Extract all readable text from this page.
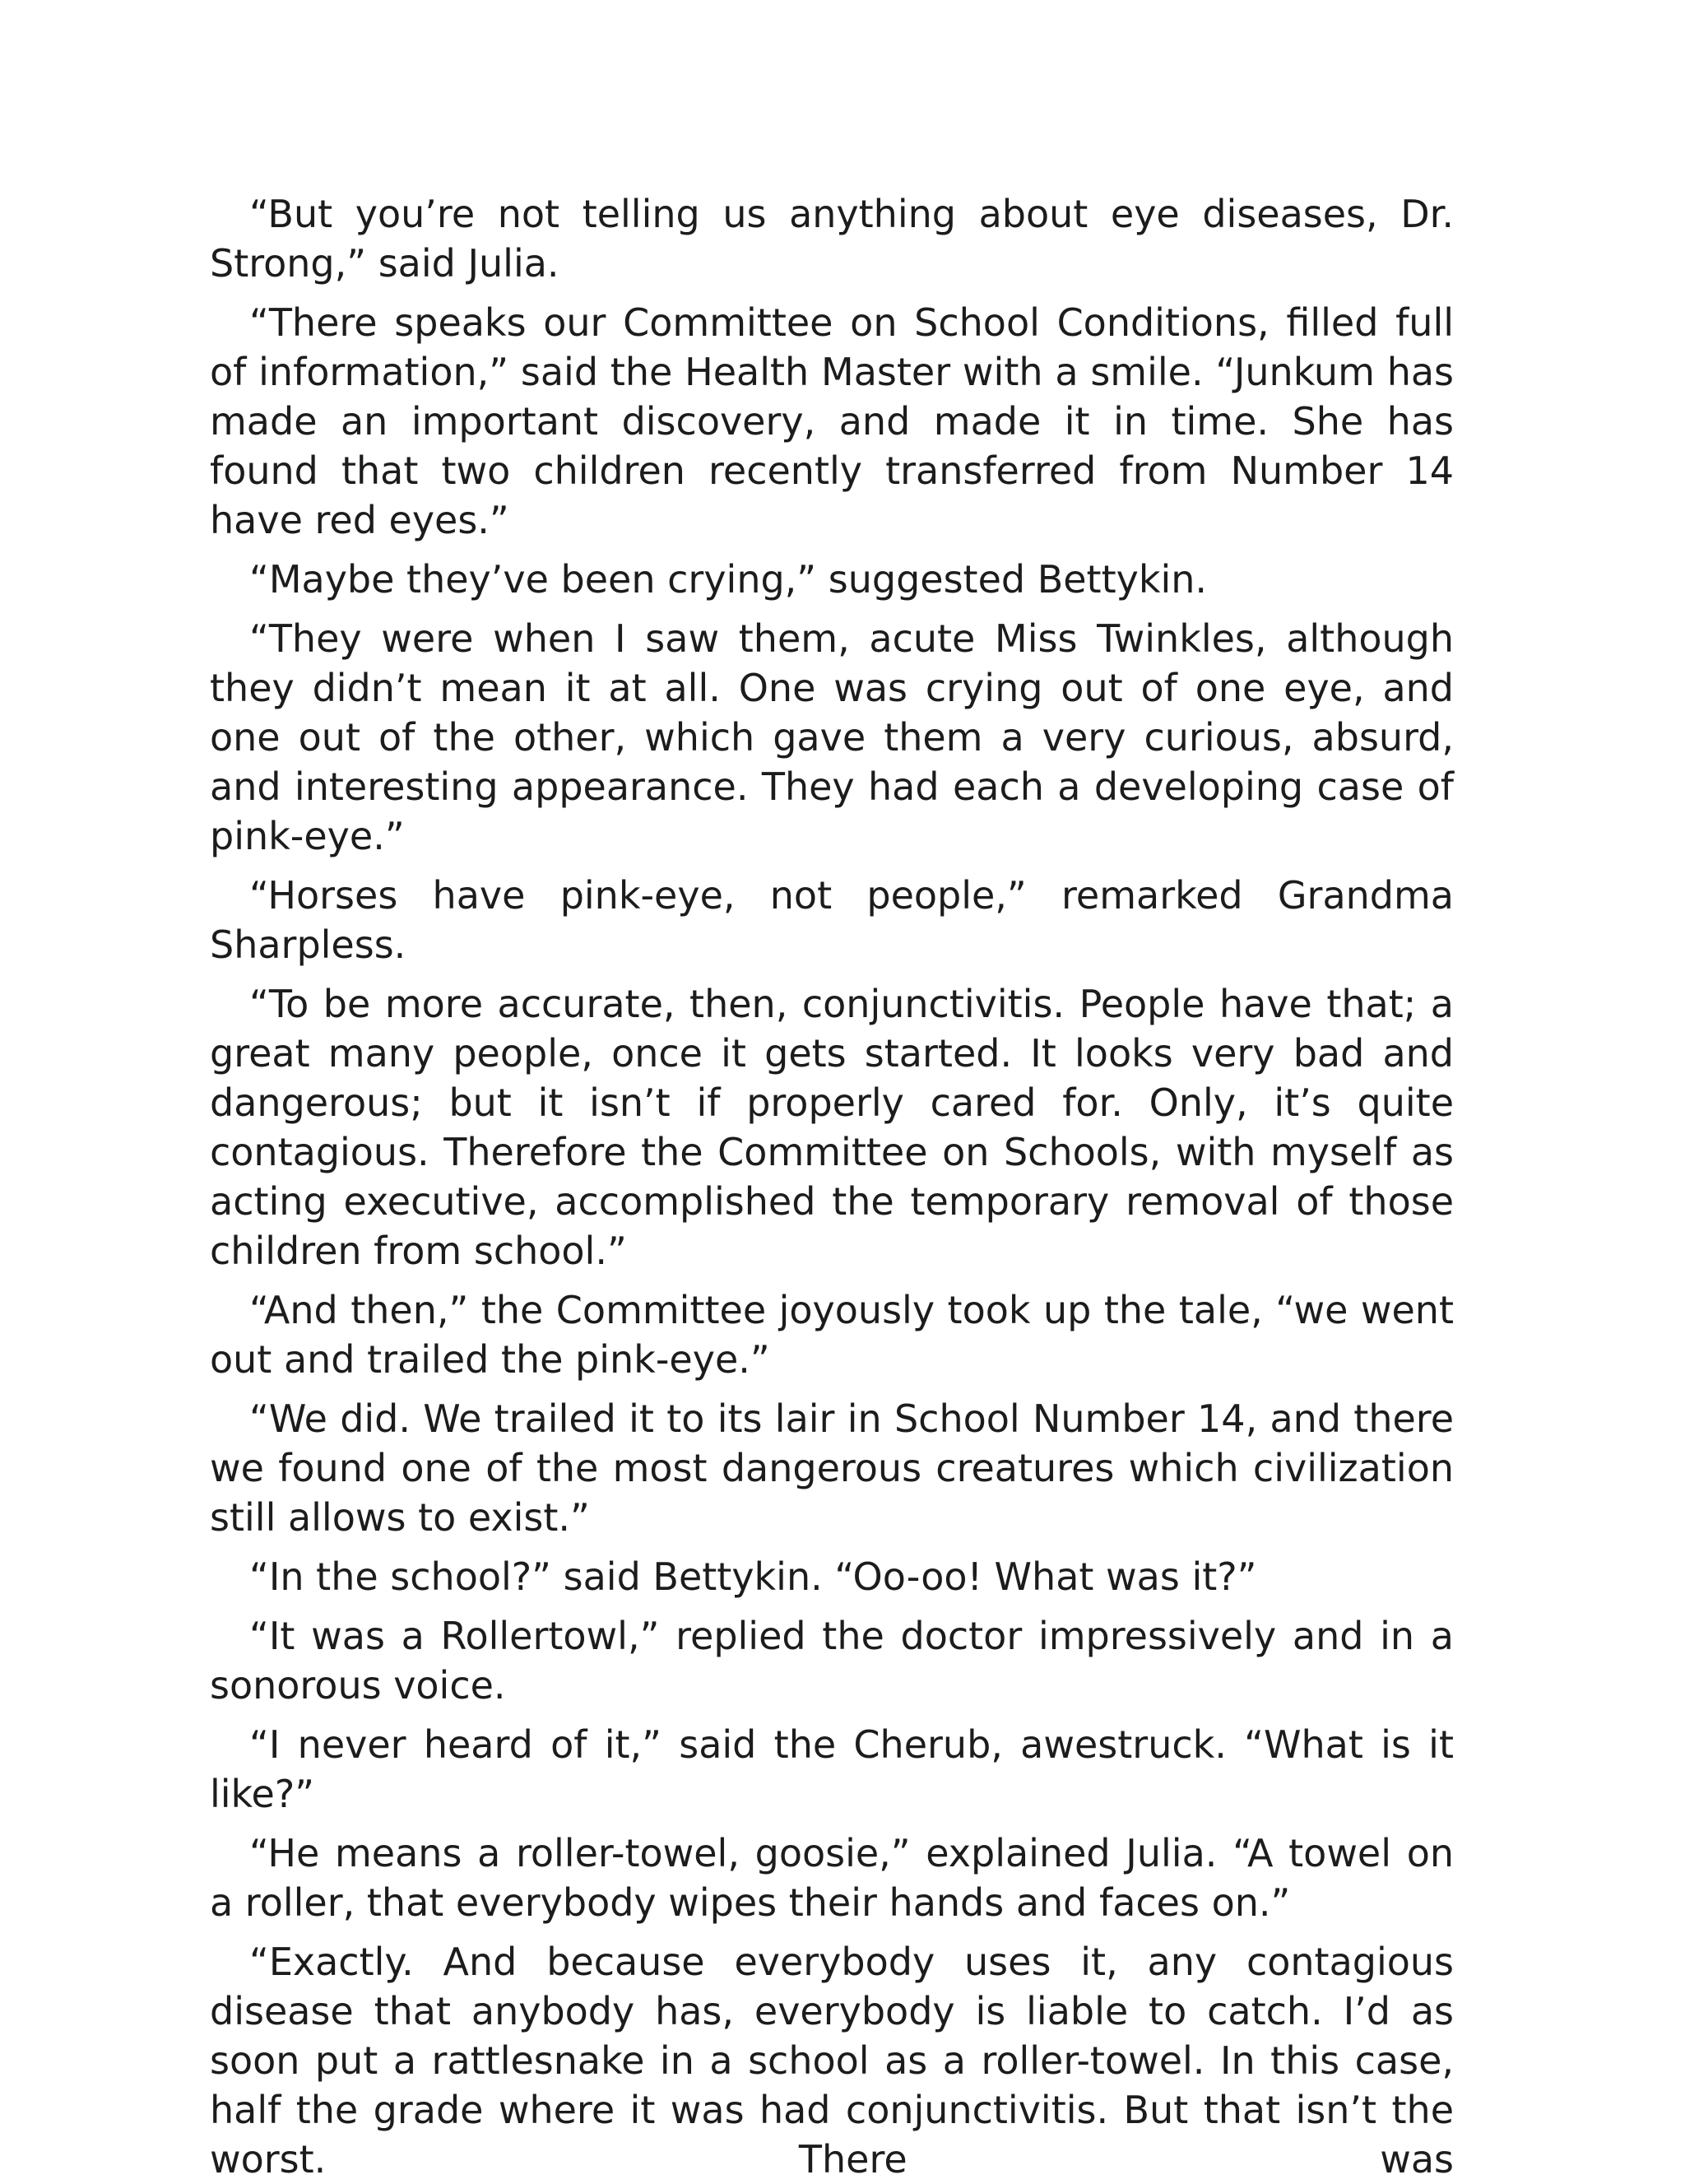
“But you’re not telling us anything about eye diseases, Dr. Strong,” said Julia.

“There speaks our Committee on School Conditions, filled full of information,” said the Health Master with a smile. “Junkum has made an important discovery, and made it in time. She has found that two children recently transferred from Number 14 have red eyes.”

“Maybe they’ve been crying,” suggested Bettykin.

“They were when I saw them, acute Miss Twinkles, although they didn’t mean it at all. One was crying out of one eye, and one out of the other, which gave them a very curious, absurd, and interesting appearance. They had each a developing case of pink-eye.”

“Horses have pink-eye, not people,” remarked Grandma Sharpless.

“To be more accurate, then, conjunctivitis. People have that; a great many people, once it gets started. It looks very bad and dangerous; but it isn’t if properly cared for. Only, it’s quite contagious. Therefore the Committee on Schools, with myself as acting executive, accomplished the temporary removal of those children from school.”

“And then,” the Committee joyously took up the tale, “we went out and trailed the pink-eye.”

“We did. We trailed it to its lair in School Number 14, and there we found one of the most dangerous creatures which civilization still allows to exist.”

“In the school?” said Bettykin. “Oo-oo! What was it?”

“It was a Rollertowl,” replied the doctor impressively and in a sonorous voice.

“I never heard of it,” said the Cherub, awestruck. “What is it like?”

“He means a roller-towel, goosie,” explained Julia. “A towel on a roller, that everybody wipes their hands and faces on.”

“Exactly. And because everybody uses it, any contagious disease that anybody has, everybody is liable to catch. I’d as soon put a rattlesnake in a school as a roller-towel. In this case, half the grade where it was had conjunctivitis. But that isn’t the worst. There was
